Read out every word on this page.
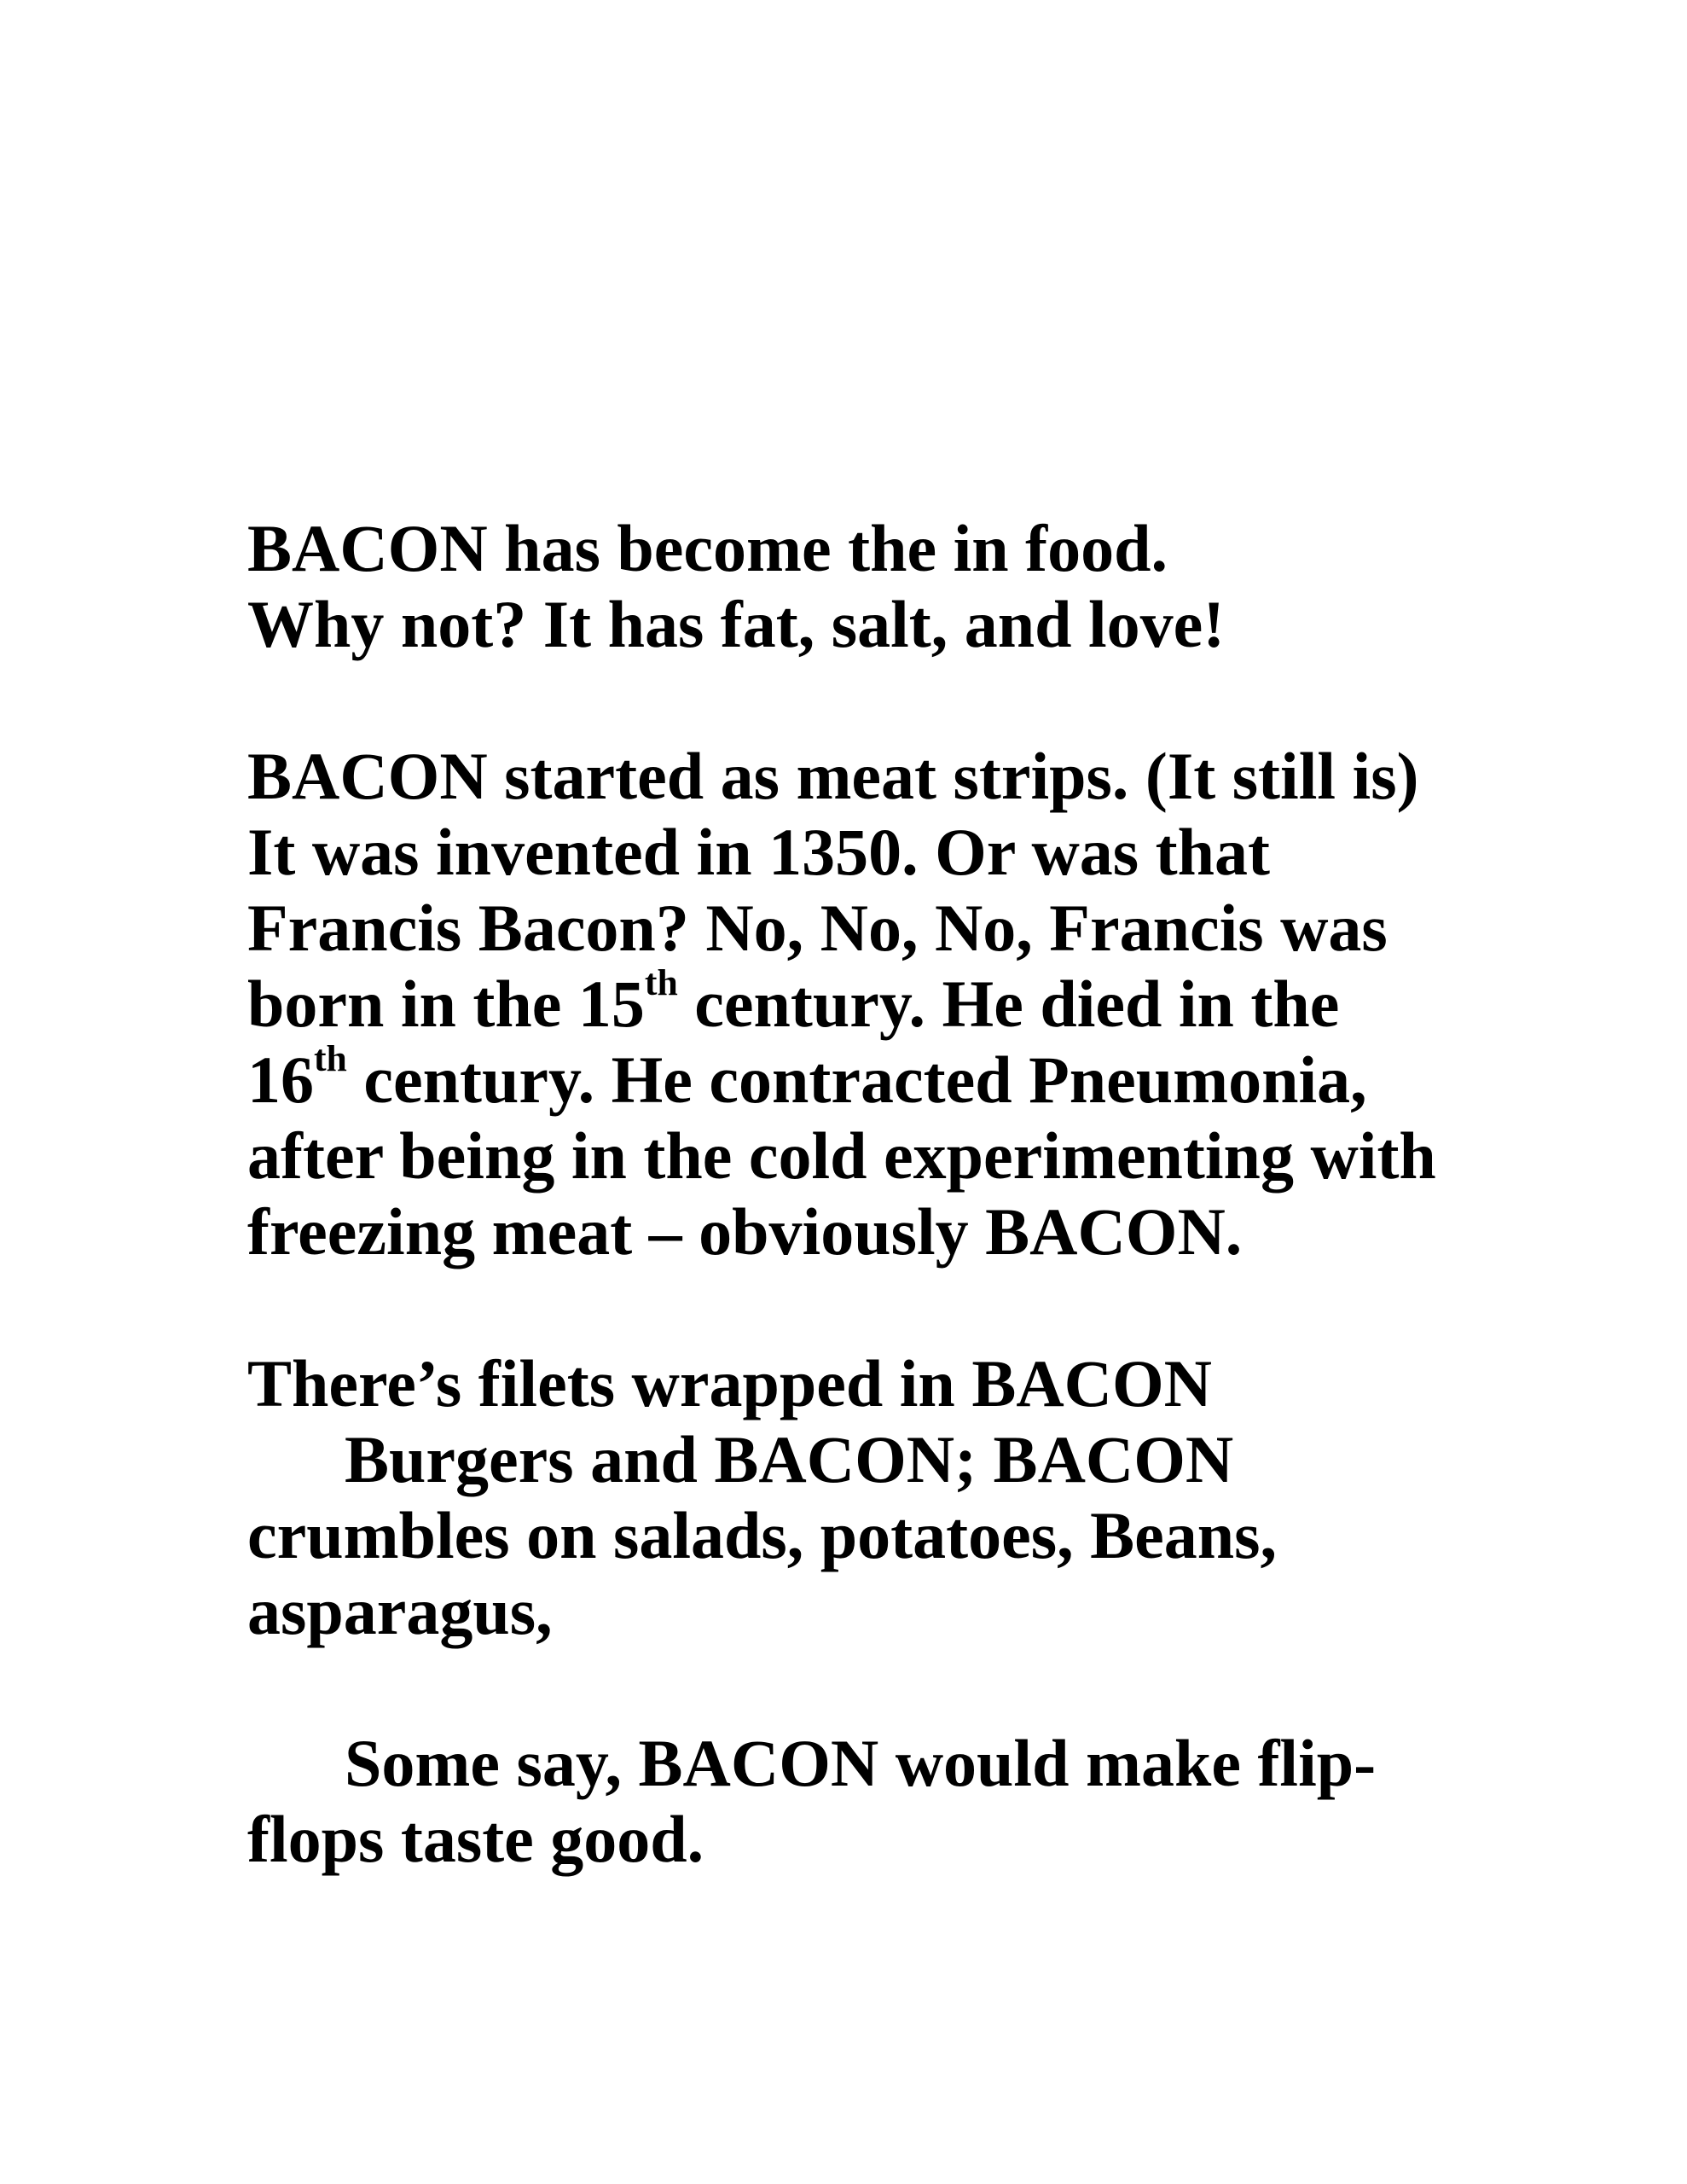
BACON has become the in food.

Why not? It has fat, salt, and love!

BACON started as meat strips. (It still is)

It was invented in 1350. Or was that

Francis Bacon? No, No, No, Francis was

born in the 15th century. He died in the

16th century. He contracted Pneumonia,

after being in the cold experimenting with

freezing meat – obviously BACON.

There’s filets wrapped in BACON

Burgers and BACON; BACON

crumbles on salads, potatoes, Beans,

asparagus,

Some say, BACON would make flip-

flops taste good.
